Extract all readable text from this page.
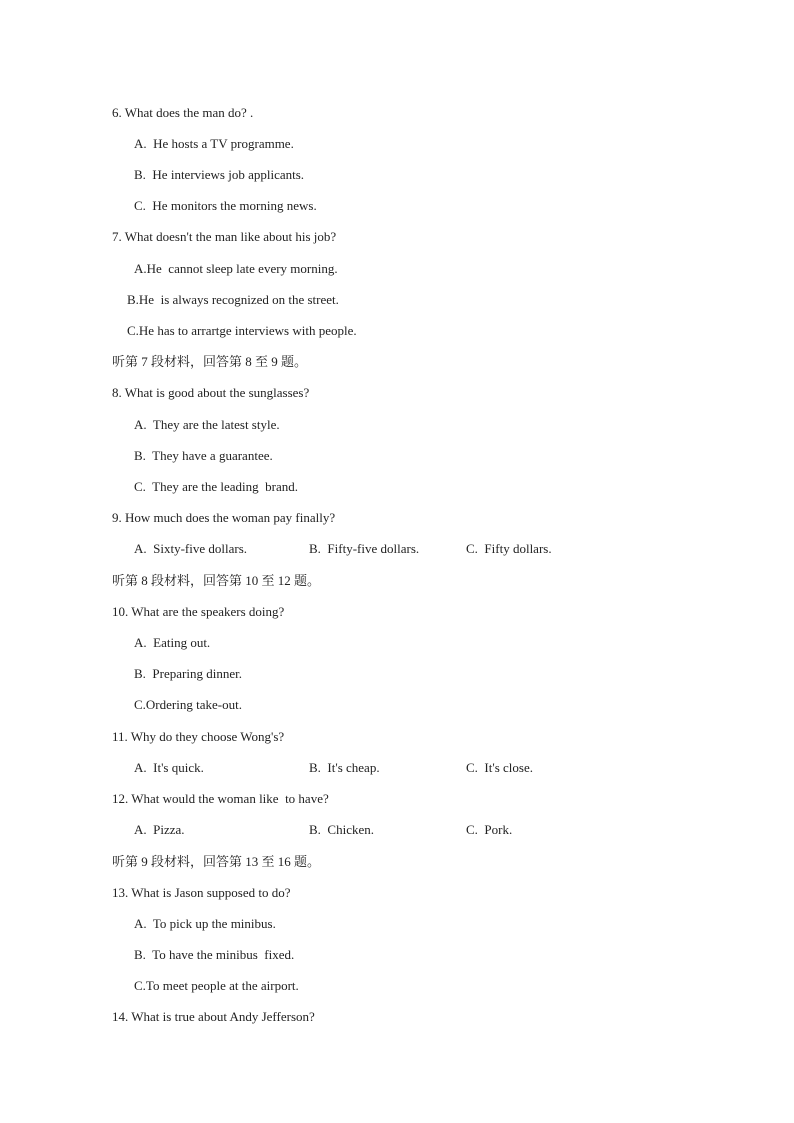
6. What does the man do? .
A.  He hosts a TV programme.
B.  He interviews job applicants.
C.  He monitors the morning news.
7. What doesn't the man like about his job?
A.He  cannot sleep late every morning.
B.He  is always recognized on the street.
C.He has to arrartge interviews with people.
听第 7 段材料，回答第 8 至 9 题。
8. What is good about the sunglasses?
A.  They are the latest style.
B.  They have a guarantee.
C.  They are the leading  brand.
9. How much does the woman pay finally?
A.  Sixty-five dollars.	B.  Fifty-five dollars.	C.  Fifty dollars.
听第 8 段材料，回答第 10 至 12 题。
10. What are the speakers doing?
A.  Eating out.
B.  Preparing dinner.
C.Ordering take-out.
11. Why do they choose Wong's?
A.  It's quick.	B.  It's cheap.	C.  It's close.
12. What would the woman like  to have?
A.  Pizza.	B.  Chicken.	C.  Pork.
听第 9 段材料，回答第 13 至 16 题。
13. What is Jason supposed to do?
A.  To pick up the minibus.
B.  To have the minibus  fixed.
C.To meet people at the airport.
14. What is true about Andy Jefferson?
